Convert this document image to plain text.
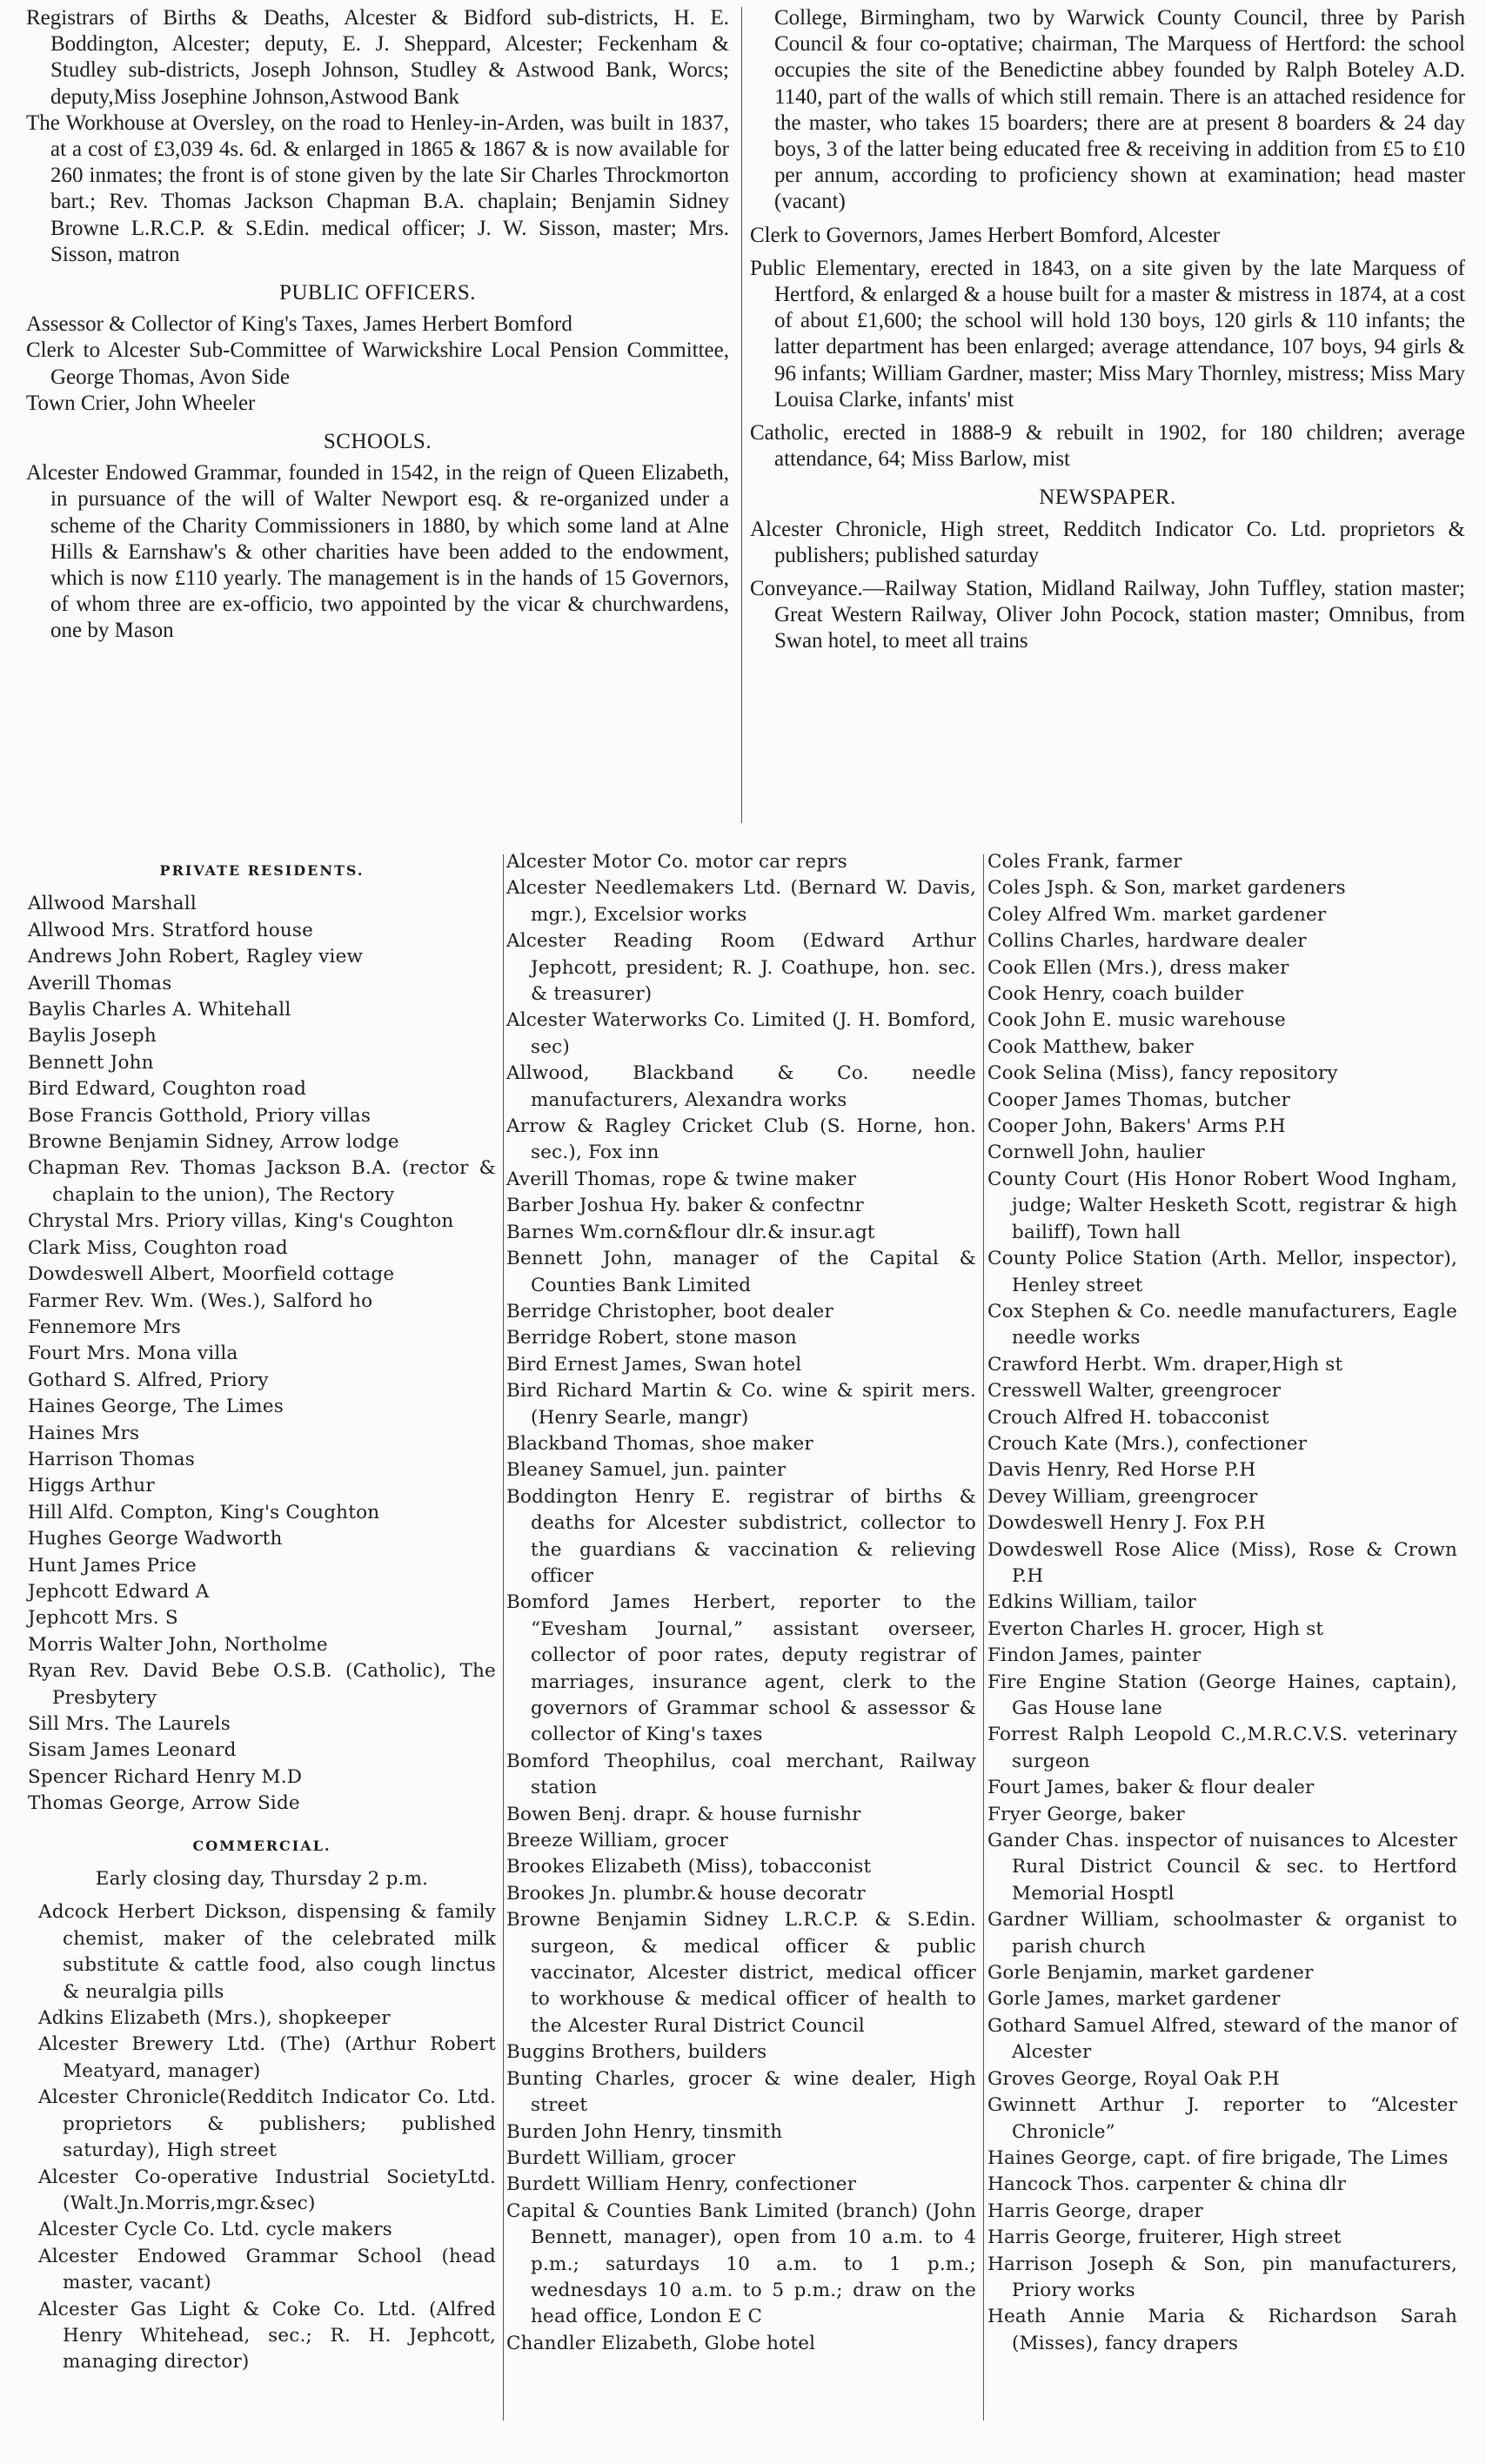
Registrars of Births & Deaths, Alcester & Bidford sub-districts, H. E. Boddington, Alcester; deputy, E. J. Sheppard, Alcester; Feckenham & Studley sub-districts, Joseph Johnson, Studley & Astwood Bank, Worcs; deputy,Miss Josephine Johnson,Astwood Bank

The Workhouse at Oversley, on the road to Henley-in-Arden, was built in 1837, at a cost of £3,039 4s. 6d. & enlarged in 1865 & 1867 & is now available for 260 inmates; the front is of stone given by the late Sir Charles Throckmorton bart.; Rev. Thomas Jackson Chapman B.A. chaplain; Benjamin Sidney Browne L.R.C.P. & S.Edin. medical officer; J. W. Sisson, master; Mrs. Sisson, matron

PUBLIC OFFICERS.

Assessor & Collector of King's Taxes, James Herbert Bomford

Clerk to Alcester Sub-Committee of Warwickshire Local Pension Committee, George Thomas, Avon Side

Town Crier, John Wheeler

SCHOOLS.

Alcester Endowed Grammar, founded in 1542, in the reign of Queen Elizabeth, in pursuance of the will of Walter Newport esq. & re-organized under a scheme of the Charity Commissioners in 1880, by which some land at Alne Hills & Earnshaw's & other charities have been added to the endowment, which is now £110 yearly. The management is in the hands of 15 Governors, of whom three are ex-officio, two appointed by the vicar & churchwardens, one by Mason

College, Birmingham, two by Warwick County Council, three by Parish Council & four co-optative; chairman, The Marquess of Hertford: the school occupies the site of the Benedictine abbey founded by Ralph Boteley A.D. 1140, part of the walls of which still remain. There is an attached residence for the master, who takes 15 boarders; there are at present 8 boarders & 24 day boys, 3 of the latter being educated free & receiving in addition from £5 to £10 per annum, according to proficiency shown at examination; head master (vacant)

Clerk to Governors, James Herbert Bomford, Alcester

Public Elementary, erected in 1843, on a site given by the late Marquess of Hertford, & enlarged & a house built for a master & mistress in 1874, at a cost of about £1,600; the school will hold 130 boys, 120 girls & 110 infants; the latter department has been enlarged; average attendance, 107 boys, 94 girls & 96 infants; William Gardner, master; Miss Mary Thornley, mistress; Miss Mary Louisa Clarke, infants' mist

Catholic, erected in 1888-9 & rebuilt in 1902, for 180 children; average attendance, 64; Miss Barlow, mist

NEWSPAPER.

Alcester Chronicle, High street, Redditch Indicator Co. Ltd. proprietors & publishers; published saturday

Conveyance.—Railway Station, Midland Railway, John Tuffley, station master; Great Western Railway, Oliver John Pocock, station master; Omnibus, from Swan hotel, to meet all trains

PRIVATE RESIDENTS.

Allwood Marshall

Allwood Mrs. Stratford house

Andrews John Robert, Ragley view

Averill Thomas

Baylis Charles A. Whitehall

Baylis Joseph

Bennett John

Bird Edward, Coughton road

Bose Francis Gotthold, Priory villas

Browne Benjamin Sidney, Arrow lodge

Chapman Rev. Thomas Jackson B.A. (rector & chaplain to the union), The Rectory

Chrystal Mrs. Priory villas, King's Coughton

Clark Miss, Coughton road

Dowdeswell Albert, Moorfield cottage

Farmer Rev. Wm. (Wes.), Salford ho

Fennemore Mrs

Fourt Mrs. Mona villa

Gothard S. Alfred, Priory

Haines George, The Limes

Haines Mrs

Harrison Thomas

Higgs Arthur

Hill Alfd. Compton, King's Coughton

Hughes George Wadworth

Hunt James Price

Jephcott Edward A

Jephcott Mrs. S

Morris Walter John, Northolme

Ryan Rev. David Bebe O.S.B. (Catholic), The Presbytery

Sill Mrs. The Laurels

Sisam James Leonard

Spencer Richard Henry M.D

Thomas George, Arrow Side

COMMERCIAL.
Early closing day, Thursday 2 p.m.

Adcock Herbert Dickson, dispensing & family chemist, maker of the celebrated milk substitute & cattle food, also cough linctus & neuralgia pills

Adkins Elizabeth (Mrs.), shopkeeper

Alcester Brewery Ltd. (The) (Arthur Robert Meatyard, manager)

Alcester Chronicle(Redditch Indicator Co. Ltd. proprietors & publishers; published saturday), High street

Alcester Co-operative Industrial SocietyLtd.(Walt.Jn.Morris,mgr.&sec)

Alcester Cycle Co. Ltd. cycle makers

Alcester Endowed Grammar School (head master, vacant)

Alcester Gas Light & Coke Co. Ltd. (Alfred Henry Whitehead, sec.; R. H. Jephcott, managing director)

Alcester Motor Co. motor car reprs

Alcester Needlemakers Ltd. (Bernard W. Davis, mgr.), Excelsior works

Alcester Reading Room (Edward Arthur Jephcott, president; R. J. Coathupe, hon. sec. & treasurer)

Alcester Waterworks Co. Limited (J. H. Bomford, sec)

Allwood, Blackband & Co. needle manufacturers, Alexandra works

Arrow & Ragley Cricket Club (S. Horne, hon. sec.), Fox inn

Averill Thomas, rope & twine maker

Barber Joshua Hy. baker & confectnr

Barnes Wm.corn&flour dlr.& insur.agt

Bennett John, manager of the Capital & Counties Bank Limited

Berridge Christopher, boot dealer

Berridge Robert, stone mason

Bird Ernest James, Swan hotel

Bird Richard Martin & Co. wine & spirit mers. (Henry Searle, mangr)

Blackband Thomas, shoe maker

Bleaney Samuel, jun. painter

Boddington Henry E. registrar of births & deaths for Alcester subdistrict, collector to the guardians & vaccination & relieving officer

Bomford James Herbert, reporter to the “Evesham Journal,” assistant overseer, collector of poor rates, deputy registrar of marriages, insurance agent, clerk to the governors of Grammar school & assessor & collector of King's taxes

Bomford Theophilus, coal merchant, Railway station

Bowen Benj. drapr. & house furnishr

Breeze William, grocer

Brookes Elizabeth (Miss), tobacconist

Brookes Jn. plumbr.& house decoratr

Browne Benjamin Sidney L.R.C.P. & S.Edin. surgeon, & medical officer & public vaccinator, Alcester district, medical officer to workhouse & medical officer of health to the Alcester Rural District Council

Buggins Brothers, builders

Bunting Charles, grocer & wine dealer, High street

Burden John Henry, tinsmith

Burdett William, grocer

Burdett William Henry, confectioner

Capital & Counties Bank Limited (branch) (John Bennett, manager), open from 10 a.m. to 4 p.m.; saturdays 10 a.m. to 1 p.m.; wednesdays 10 a.m. to 5 p.m.; draw on the head office, London E C

Chandler Elizabeth, Globe hotel

Coles Frank, farmer

Coles Jsph. & Son, market gardeners

Coley Alfred Wm. market gardener

Collins Charles, hardware dealer

Cook Ellen (Mrs.), dress maker

Cook Henry, coach builder

Cook John E. music warehouse

Cook Matthew, baker

Cook Selina (Miss), fancy repository

Cooper James Thomas, butcher

Cooper John, Bakers' Arms P.H

Cornwell John, haulier

County Court (His Honor Robert Wood Ingham, judge; Walter Hesketh Scott, registrar & high bailiff), Town hall

County Police Station (Arth. Mellor, inspector), Henley street

Cox Stephen & Co. needle manufacturers, Eagle needle works

Crawford Herbt. Wm. draper,High st

Cresswell Walter, greengrocer

Crouch Alfred H. tobacconist

Crouch Kate (Mrs.), confectioner

Davis Henry, Red Horse P.H

Devey William, greengrocer

Dowdeswell Henry J. Fox P.H

Dowdeswell Rose Alice (Miss), Rose & Crown P.H

Edkins William, tailor

Everton Charles H. grocer, High st

Findon James, painter

Fire Engine Station (George Haines, captain), Gas House lane

Forrest Ralph Leopold C.,M.R.C.V.S. veterinary surgeon

Fourt James, baker & flour dealer

Fryer George, baker

Gander Chas. inspector of nuisances to Alcester Rural District Council & sec. to Hertford Memorial Hosptl

Gardner William, schoolmaster & organist to parish church

Gorle Benjamin, market gardener

Gorle James, market gardener

Gothard Samuel Alfred, steward of the manor of Alcester

Groves George, Royal Oak P.H

Gwinnett Arthur J. reporter to “Alcester Chronicle”

Haines George, capt. of fire brigade, The Limes

Hancock Thos. carpenter & china dlr

Harris George, draper

Harris George, fruiterer, High street

Harrison Joseph & Son, pin manufacturers, Priory works

Heath Annie Maria & Richardson Sarah (Misses), fancy drapers
